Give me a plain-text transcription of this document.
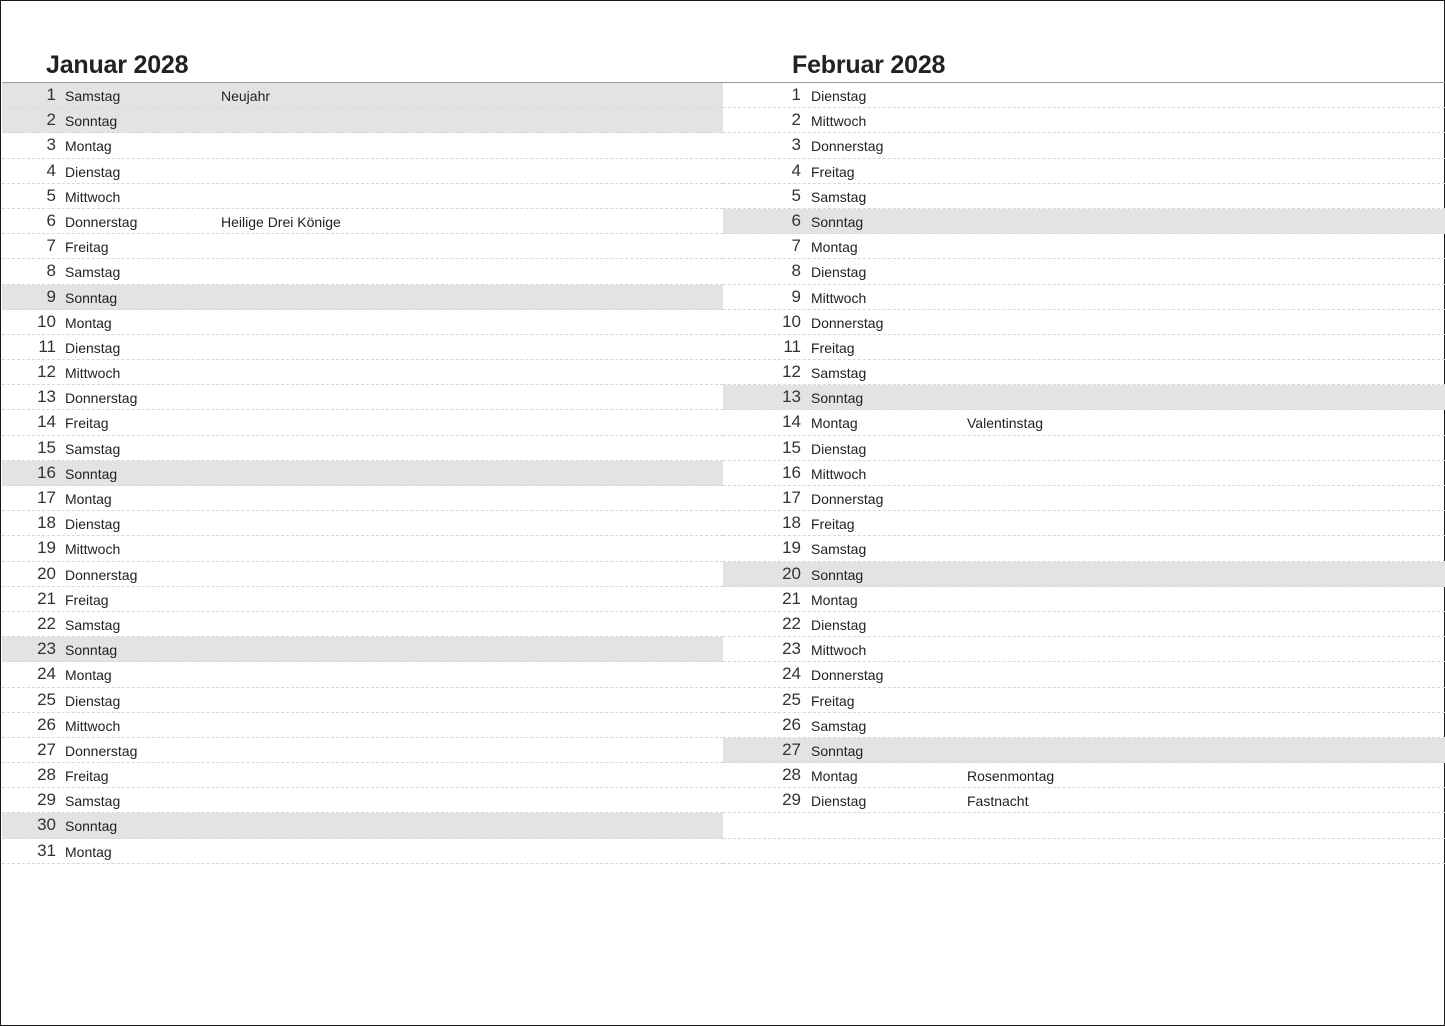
Januar 2028
1 Samstag	Neujahr
2 Sonntag
3 Montag
4 Dienstag
5 Mittwoch
6 Donnerstag	Heilige Drei Könige
7 Freitag
8 Samstag
9 Sonntag
10 Montag
11 Dienstag
12 Mittwoch
13 Donnerstag
14 Freitag
15 Samstag
16 Sonntag
17 Montag
18 Dienstag
19 Mittwoch
20 Donnerstag
21 Freitag
22 Samstag
23 Sonntag
24 Montag
25 Dienstag
26 Mittwoch
27 Donnerstag
28 Freitag
29 Samstag
30 Sonntag
31 Montag
Februar 2028
1 Dienstag
2 Mittwoch
3 Donnerstag
4 Freitag
5 Samstag
6 Sonntag
7 Montag
8 Dienstag
9 Mittwoch
10 Donnerstag
11 Freitag
12 Samstag
13 Sonntag
14 Montag	Valentinstag
15 Dienstag
16 Mittwoch
17 Donnerstag
18 Freitag
19 Samstag
20 Sonntag
21 Montag
22 Dienstag
23 Mittwoch
24 Donnerstag
25 Freitag
26 Samstag
27 Sonntag
28 Montag	Rosenmontag
29 Dienstag	Fastnacht
